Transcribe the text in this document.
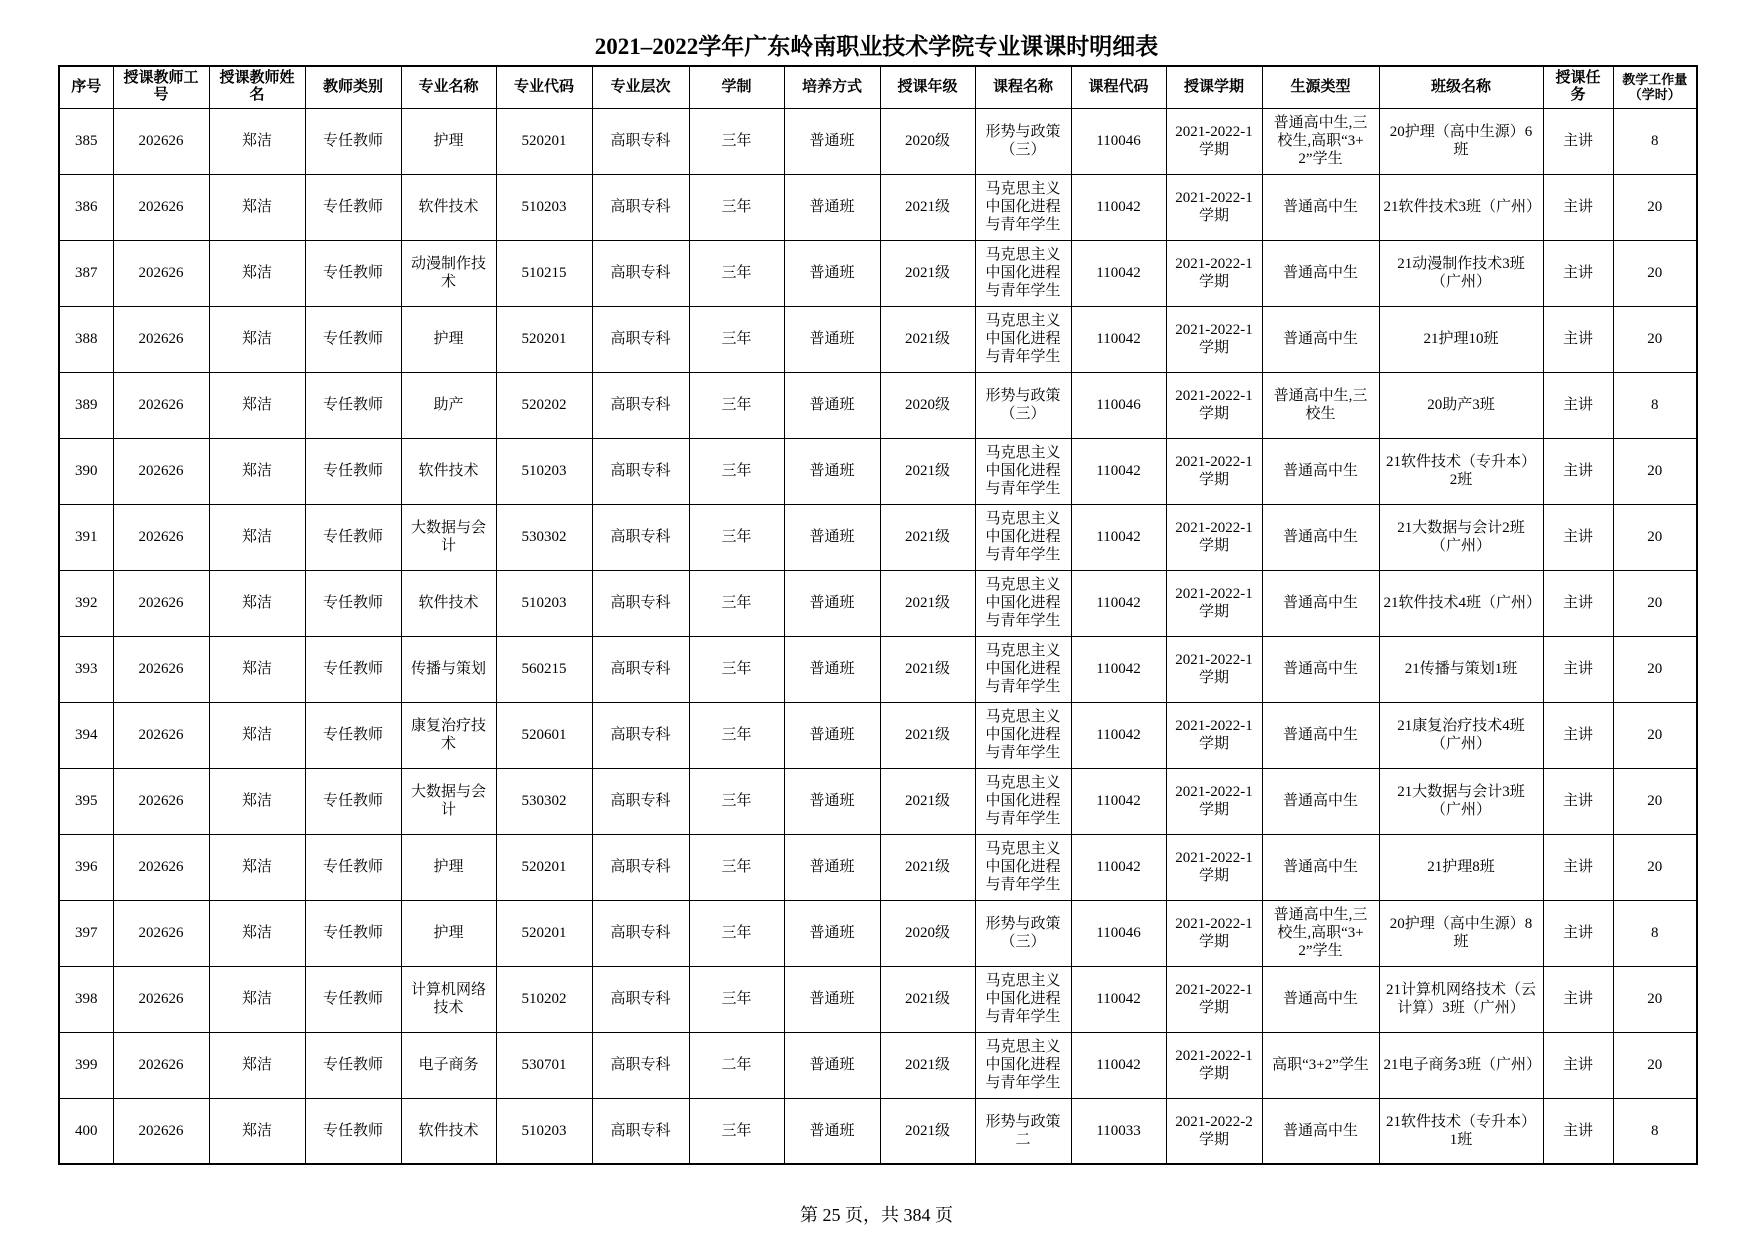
2021–2022学年广东岭南职业技术学院专业课课时明细表
序号	授课教师工号	授课教师姓名	教师类别	专业名称	专业代码	专业层次	学制	培养方式	授课年级	课程名称	课程代码	授课学期	生源类型	班级名称	授课任务	教学工作量（学时）
385	202626	郑洁	专任教师	护理	520201	高职专科	三年	普通班	2020级	形势与政策（三）	110046	2021-2022-1学期	普通高中生,三校生,高职“3+2”学生	20护理（高中生源）6班	主讲	8
386	202626	郑洁	专任教师	软件技术	510203	高职专科	三年	普通班	2021级	马克思主义中国化进程与青年学生	110042	2021-2022-1学期	普通高中生	21软件技术3班（广州）	主讲	20
387	202626	郑洁	专任教师	动漫制作技术	510215	高职专科	三年	普通班	2021级	马克思主义中国化进程与青年学生	110042	2021-2022-1学期	普通高中生	21动漫制作技术3班（广州）	主讲	20
388	202626	郑洁	专任教师	护理	520201	高职专科	三年	普通班	2021级	马克思主义中国化进程与青年学生	110042	2021-2022-1学期	普通高中生	21护理10班	主讲	20
389	202626	郑洁	专任教师	助产	520202	高职专科	三年	普通班	2020级	形势与政策（三）	110046	2021-2022-1学期	普通高中生,三校生	20助产3班	主讲	8
390	202626	郑洁	专任教师	软件技术	510203	高职专科	三年	普通班	2021级	马克思主义中国化进程与青年学生	110042	2021-2022-1学期	普通高中生	21软件技术（专升本）2班	主讲	20
391	202626	郑洁	专任教师	大数据与会计	530302	高职专科	三年	普通班	2021级	马克思主义中国化进程与青年学生	110042	2021-2022-1学期	普通高中生	21大数据与会计2班（广州）	主讲	20
392	202626	郑洁	专任教师	软件技术	510203	高职专科	三年	普通班	2021级	马克思主义中国化进程与青年学生	110042	2021-2022-1学期	普通高中生	21软件技术4班（广州）	主讲	20
393	202626	郑洁	专任教师	传播与策划	560215	高职专科	三年	普通班	2021级	马克思主义中国化进程与青年学生	110042	2021-2022-1学期	普通高中生	21传播与策划1班	主讲	20
394	202626	郑洁	专任教师	康复治疗技术	520601	高职专科	三年	普通班	2021级	马克思主义中国化进程与青年学生	110042	2021-2022-1学期	普通高中生	21康复治疗技术4班（广州）	主讲	20
395	202626	郑洁	专任教师	大数据与会计	530302	高职专科	三年	普通班	2021级	马克思主义中国化进程与青年学生	110042	2021-2022-1学期	普通高中生	21大数据与会计3班（广州）	主讲	20
396	202626	郑洁	专任教师	护理	520201	高职专科	三年	普通班	2021级	马克思主义中国化进程与青年学生	110042	2021-2022-1学期	普通高中生	21护理8班	主讲	20
397	202626	郑洁	专任教师	护理	520201	高职专科	三年	普通班	2020级	形势与政策（三）	110046	2021-2022-1学期	普通高中生,三校生,高职“3+2”学生	20护理（高中生源）8班	主讲	8
398	202626	郑洁	专任教师	计算机网络技术	510202	高职专科	三年	普通班	2021级	马克思主义中国化进程与青年学生	110042	2021-2022-1学期	普通高中生	21计算机网络技术（云计算）3班（广州）	主讲	20
399	202626	郑洁	专任教师	电子商务	530701	高职专科	二年	普通班	2021级	马克思主义中国化进程与青年学生	110042	2021-2022-1学期	高职“3+2”学生	21电子商务3班（广州）	主讲	20
400	202626	郑洁	专任教师	软件技术	510203	高职专科	三年	普通班	2021级	形势与政策二	110033	2021-2022-2学期	普通高中生	21软件技术（专升本）1班	主讲	8
第 25 页，共 384 页
